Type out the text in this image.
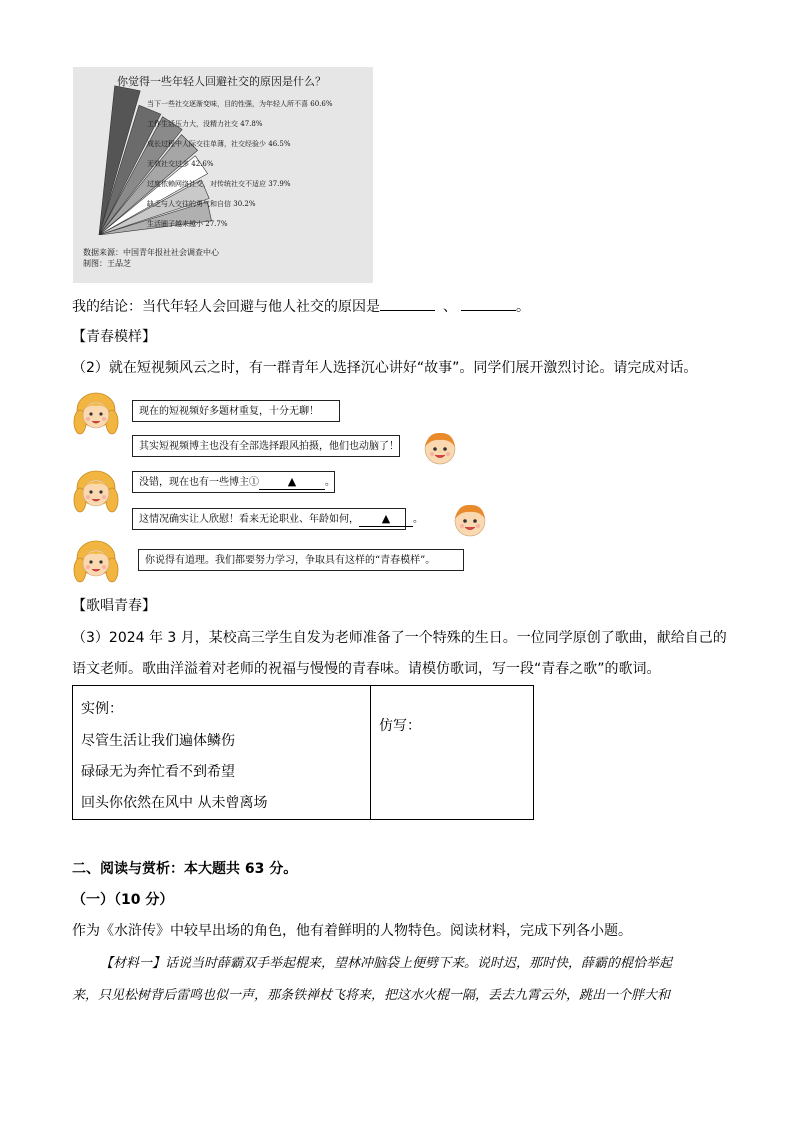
你觉得一些年轻人回避社交的原因是什么？
当下一些社交逐渐变味，目的性强，为年轻人所不喜 60.6%
工作生活压力大，没精力社交 47.8%
成长过程中人际交往单薄，社交经验少 46.5%
无效社交过多 42.6%
过度依赖网络社交，对传统社交不适应 37.9%
缺乏与人交往的勇气和自信 30.2%
生活圈子越来越小 27.7%
数据来源：中国青年报社社会调查中心
制图：王品芝
我的结论：当代年轻人会回避与他人社交的原因是	、	。
【青春模样】
（2）就在短视频风云之时，有一群青年人选择沉心讲好“故事”。同学们展开激烈讨论。请完成对话。
现在的短视频好多题材重复，十分无聊！
其实短视频博主也没有全部选择跟风拍摄，他们也动脑了！
没错，现在也有一些博主①	▲	。
这情况确实让人欣慰！看来无论职业、年龄如何， ▲ 。
你说得有道理。我们都要努力学习，争取具有这样的“青春模样”。
【歌唱青春】
（3）2024 年 3 月，某校高三学生自发为老师准备了一个特殊的生日。一位同学原创了歌曲，献给自己的
语文老师。歌曲洋溢着对老师的祝福与慢慢的青春味。请模仿歌词，写一段“青春之歌”的歌词。
实例：
尽管生活让我们遍体鳞伤
碌碌无为奔忙看不到希望
回头你依然在风中 从未曾离场
仿写：
二、阅读与赏析：本大题共 63 分。
（一）（10 分）
作为《水浒传》中较早出场的角色，他有着鲜明的人物特色。阅读材料，完成下列各小题。
【材料一】话说当时薛霸双手举起棍来，望林冲脑袋上便劈下来。说时迟，那时快，薛霸的棍恰举起
来，只见松树背后雷鸣也似一声，那条铁禅杖飞将来，把这水火棍一隔，丢去九霄云外，跳出一个胖大和
